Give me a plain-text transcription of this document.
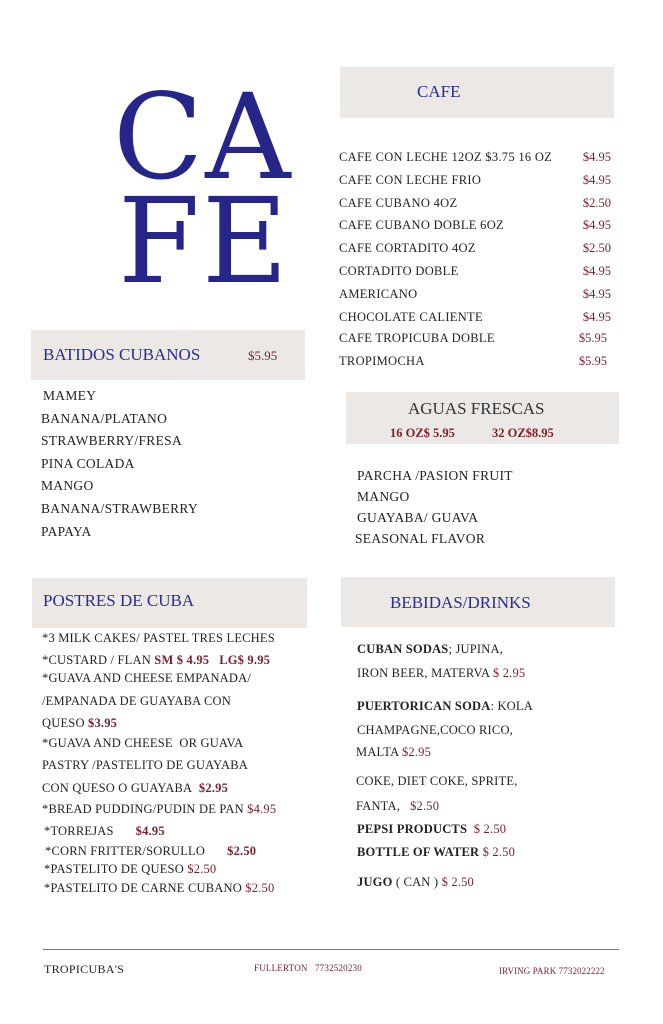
CA
FE
CAFE
CAFE CON LECHE 12OZ $3.75 16 OZ $4.95
CAFE CON LECHE FRIO	$4.95
CAFE CUBANO 4OZ	$2.50
CAFE CUBANO DOBLE 6OZ	$4.95
CAFE CORTADITO 4OZ	$2.50
CORTADITO DOBLE	$4.95
AMERICANO	$4.95
CHOCOLATE CALIENTE	$4.95
CAFE TROPICUBA DOBLE	$5.95
TROPIMOCHA	$5.95
BATIDOS CUBANOS	$5.95
MAMEY
BANANA/PLATANO
STRAWBERRY/FRESA
PINA COLADA
MANGO
BANANA/STRAWBERRY
PAPAYA
AGUAS FRESCAS
16 OZ$ 5.95	32 OZ$8.95
PARCHA /PASION FRUIT
MANGO
GUAYABA/ GUAVA
SEASONAL FLAVOR
POSTRES DE CUBA
*3 MILK CAKES/ PASTEL TRES LECHES
*CUSTARD / FLAN SM $ 4.95   LG$ 9.95
*GUAVA AND CHEESE EMPANADA/
/EMPANADA DE GUAYABA CON
QUESO $3.95
*GUAVA AND CHEESE  OR GUAVA
PASTRY /PASTELITO DE GUAYABA
CON QUESO O GUAYABA $2.95
*BREAD PUDDING/PUDIN DE PAN $4.95
*TORREJAS $4.95
*CORN FRITTER/SORULLO $2.50
*PASTELITO DE QUESO $2.50
*PASTELITO DE CARNE CUBANO $2.50
BEBIDAS/DRINKS
CUBAN SODAS; JUPINA,
IRON BEER, MATERVA $ 2.95
PUERTORICAN SODA: KOLA
CHAMPAGNE,COCO RICO,
MALTA $2.95
COKE, DIET COKE, SPRITE,
FANTA, $2.50
PEPSI PRODUCTS $ 2.50
BOTTLE OF WATER $ 2.50
JUGO ( CAN ) $ 2.50
TROPICUBA'S	FULLERTON   7732520230	IRVING PARK 7732022222
